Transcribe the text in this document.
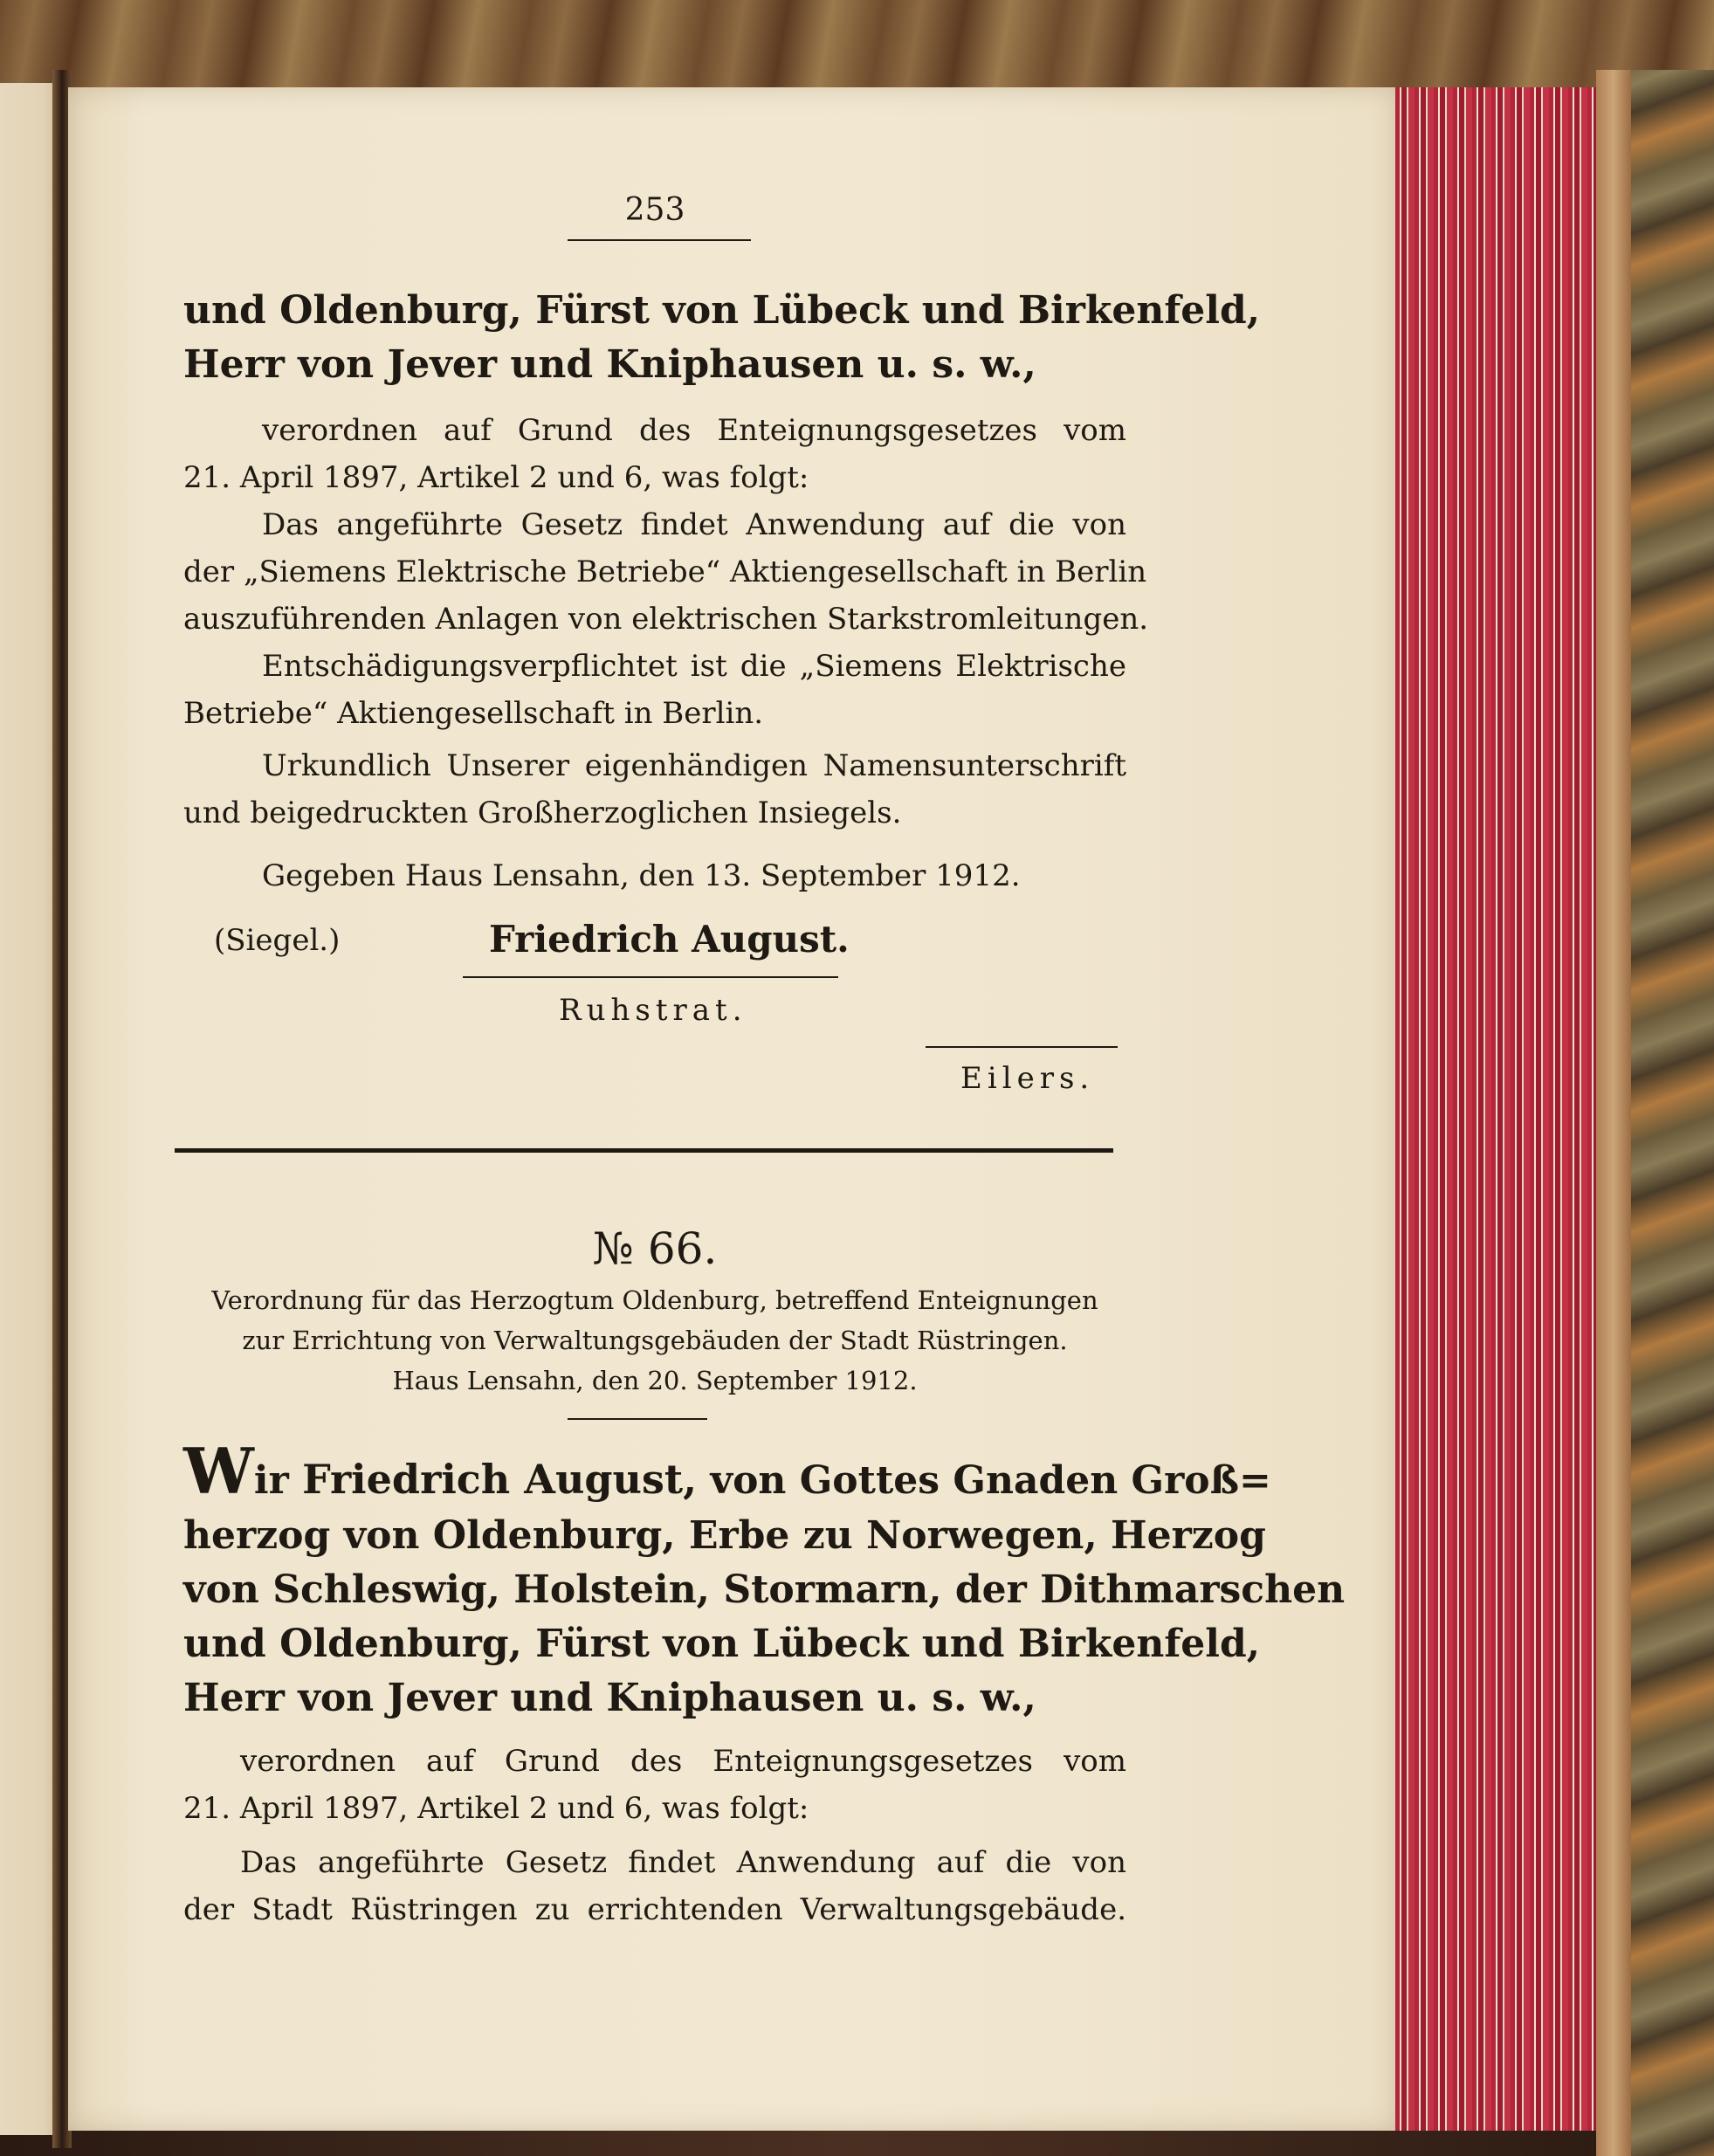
253
und Oldenburg, Fürst von Lübeck und Birkenfeld,
Herr von Jever und Kniphausen u. s. w.,
verordnen auf Grund des Enteignungsgesetzes vom
21. April 1897, Artikel 2 und 6, was folgt:
Das angeführte Gesetz findet Anwendung auf die von
der „Siemens Elektrische Betriebe“ Aktiengesellschaft in Berlin
auszuführenden Anlagen von elektrischen Starkstromleitungen.
Entschädigungsverpflichtet ist die „Siemens Elektrische
Betriebe“ Aktiengesellschaft in Berlin.
Urkundlich Unserer eigenhändigen Namensunterschrift
und beigedruckten Großherzoglichen Insiegels.
Gegeben Haus Lensahn, den 13. September 1912.
(Siegel.)	Friedrich August.
Ruhstrat.
Eilers.
№ 66.
Verordnung für das Herzogtum Oldenburg, betreffend Enteignungen
zur Errichtung von Verwaltungsgebäuden der Stadt Rüstringen.
Haus Lensahn, den 20. September 1912.
Wir Friedrich August, von Gottes Gnaden Groß=
herzog von Oldenburg, Erbe zu Norwegen, Herzog
von Schleswig, Holstein, Stormarn, der Dithmarschen
und Oldenburg, Fürst von Lübeck und Birkenfeld,
Herr von Jever und Kniphausen u. s. w.,
verordnen auf Grund des Enteignungsgesetzes vom
21. April 1897, Artikel 2 und 6, was folgt:
Das angeführte Gesetz findet Anwendung auf die von
der Stadt Rüstringen zu errichtenden Verwaltungsgebäude.
